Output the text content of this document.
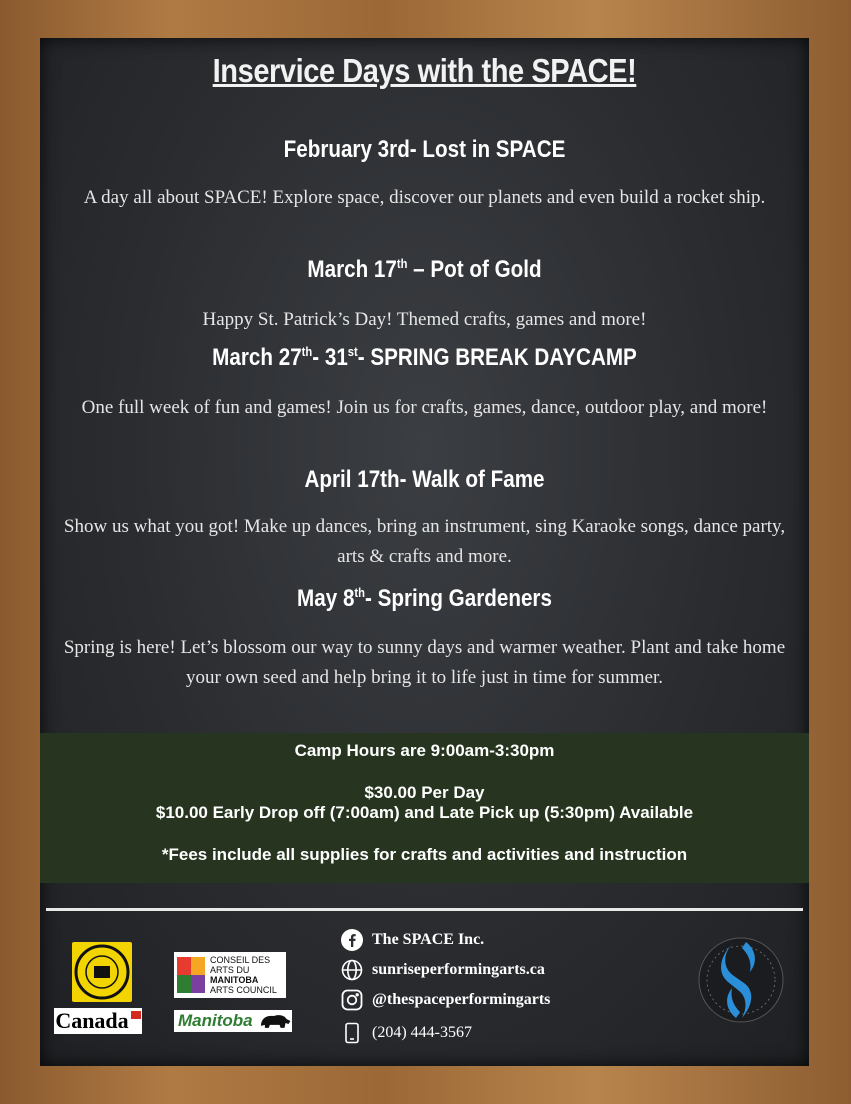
Inservice Days with the SPACE!
February 3rd- Lost in SPACE
A day all about SPACE! Explore space, discover our planets and even build a rocket ship.
March 17th – Pot of Gold
Happy St. Patrick’s Day! Themed crafts, games and more!
March 27th- 31st- SPRING BREAK DAYCAMP
One full week of fun and games! Join us for crafts, games, dance, outdoor play, and more!
April 17th- Walk of Fame
Show us what you got! Make up dances, bring an instrument, sing Karaoke songs, dance party, arts & crafts and more.
May 8th- Spring Gardeners
Spring is here! Let’s blossom our way to sunny days and warmer weather. Plant and take home your own seed and help bring it to life just in time for summer.
Camp Hours are 9:00am-3:30pm
$30.00 Per Day
$10.00 Early Drop off (7:00am) and Late Pick up (5:30pm) Available
*Fees include all supplies for crafts and activities and instruction
Canada
CONSEIL DES
ARTS DU
MANITOBA
ARTS COUNCIL
Manitoba
The SPACE Inc.
sunriseperformingarts.ca
@thespaceperformingarts
(204) 444-3567
